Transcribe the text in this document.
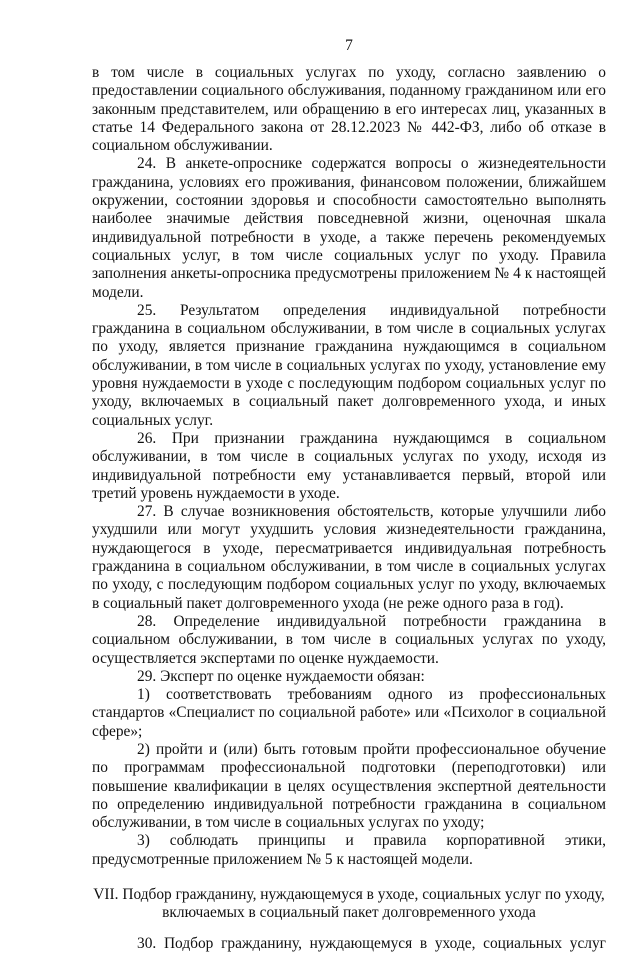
7

в том числе в социальных услугах по уходу, согласно заявлению о предоставлении социального обслуживания, поданному гражданином или его законным представителем, или обращению в его интересах лиц, указанных в статье 14 Федерального закона от 28.12.2023 № 442-ФЗ, либо об отказе в социальном обслуживании.

24. В анкете-опроснике содержатся вопросы о жизнедеятельности гражданина, условиях его проживания, финансовом положении, ближайшем окружении, состоянии здоровья и способности самостоятельно выполнять наиболее значимые действия повседневной жизни, оценочная шкала индивидуальной потребности в уходе, а также перечень рекомендуемых социальных услуг, в том числе социальных услуг по уходу. Правила заполнения анкеты-опросника предусмотрены приложением № 4 к настоящей модели.

25. Результатом определения индивидуальной потребности гражданина в социальном обслуживании, в том числе в социальных услугах по уходу, является признание гражданина нуждающимся в социальном обслуживании, в том числе в социальных услугах по уходу, установление ему уровня нуждаемости в уходе с последующим подбором социальных услуг по уходу, включаемых в социальный пакет долговременного ухода, и иных социальных услуг.

26. При признании гражданина нуждающимся в социальном обслуживании, в том числе в социальных услугах по уходу, исходя из индивидуальной потребности ему устанавливается первый, второй или третий уровень нуждаемости в уходе.

27. В случае возникновения обстоятельств, которые улучшили либо ухудшили или могут ухудшить условия жизнедеятельности гражданина, нуждающегося в уходе, пересматривается индивидуальная потребность гражданина в социальном обслуживании, в том числе в социальных услугах по уходу, с последующим подбором социальных услуг по уходу, включаемых в социальный пакет долговременного ухода (не реже одного раза в год).

28. Определение индивидуальной потребности гражданина в социальном обслуживании, в том числе в социальных услугах по уходу, осуществляется экспертами по оценке нуждаемости.

29. Эксперт по оценке нуждаемости обязан:

1) соответствовать требованиям одного из профессиональных стандартов «Специалист по социальной работе» или «Психолог в социальной сфере»;

2) пройти и (или) быть готовым пройти профессиональное обучение по программам профессиональной подготовки (переподготовки) или повышение квалификации в целях осуществления экспертной деятельности по определению индивидуальной потребности гражданина в социальном обслуживании, в том числе в социальных услугах по уходу;

3) соблюдать принципы и правила корпоративной этики, предусмотренные приложением № 5 к настоящей модели.

VII. Подбор гражданину, нуждающемуся в уходе, социальных услуг по уходу, включаемых в социальный пакет долговременного ухода

30. Подбор гражданину, нуждающемуся в уходе, социальных услуг
